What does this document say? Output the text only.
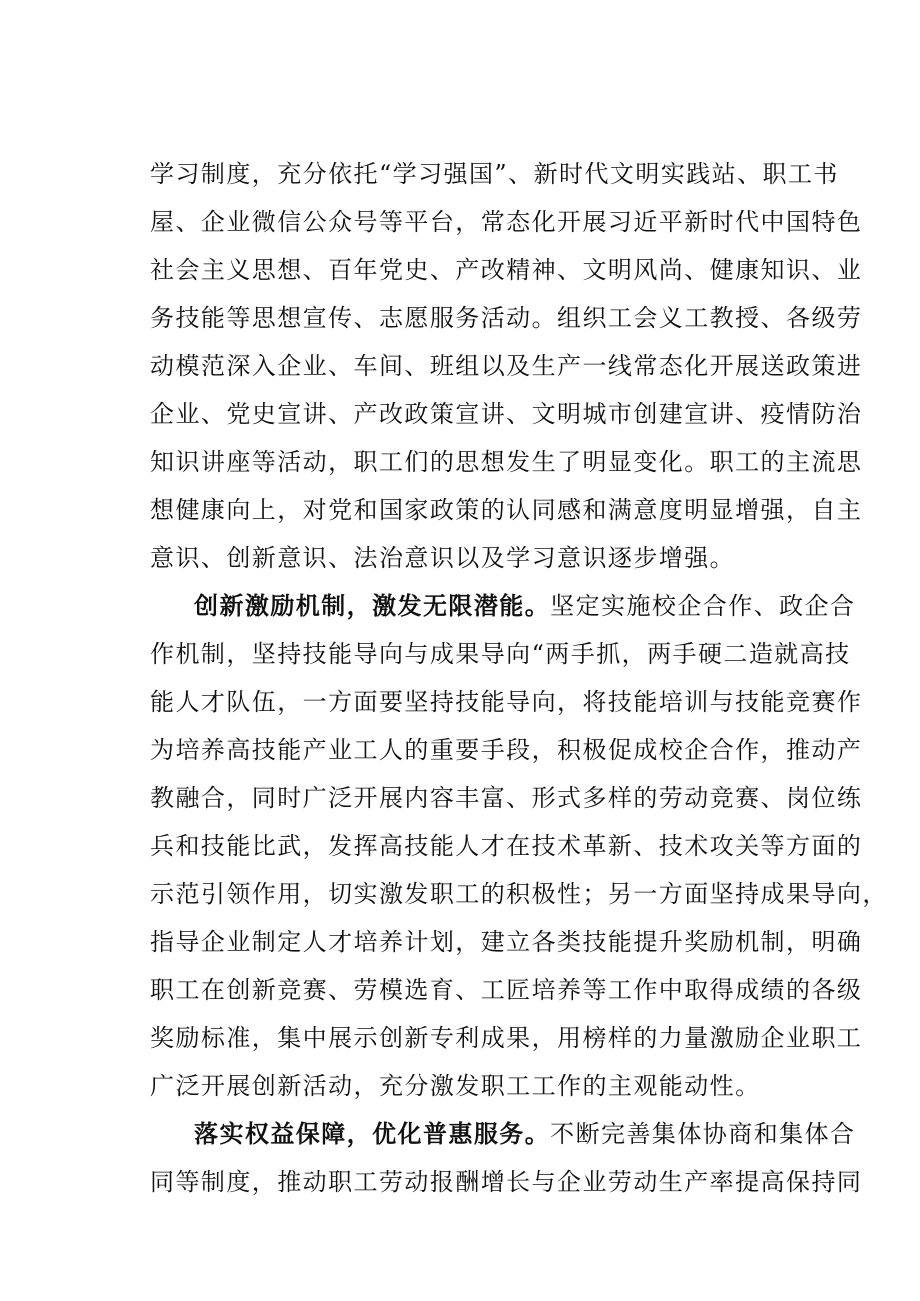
学习制度，充分依托“学习强国”、新时代文明实践站、职工书
屋、企业微信公众号等平台，常态化开展习近平新时代中国特色
社会主义思想、百年党史、产改精神、文明风尚、健康知识、业
务技能等思想宣传、志愿服务活动。组织工会义工教授、各级劳
动模范深入企业、车间、班组以及生产一线常态化开展送政策进
企业、党史宣讲、产改政策宣讲、文明城市创建宣讲、疫情防治
知识讲座等活动，职工们的思想发生了明显变化。职工的主流思
想健康向上，对党和国家政策的认同感和满意度明显增强，自主
意识、创新意识、法治意识以及学习意识逐步增强。
创新激励机制，激发无限潜能。坚定实施校企合作、政企合
作机制，坚持技能导向与成果导向“两手抓，两手硬二造就高技
能人才队伍，一方面要坚持技能导向，将技能培训与技能竞赛作
为培养高技能产业工人的重要手段，积极促成校企合作，推动产
教融合，同时广泛开展内容丰富、形式多样的劳动竞赛、岗位练
兵和技能比武，发挥高技能人才在技术革新、技术攻关等方面的
示范引领作用，切实激发职工的积极性；另一方面坚持成果导向，
指导企业制定人才培养计划，建立各类技能提升奖励机制，明确
职工在创新竞赛、劳模选育、工匠培养等工作中取得成绩的各级
奖励标准，集中展示创新专利成果，用榜样的力量激励企业职工
广泛开展创新活动，充分激发职工工作的主观能动性。
落实权益保障，优化普惠服务。不断完善集体协商和集体合
同等制度，推动职工劳动报酬增长与企业劳动生产率提高保持同
